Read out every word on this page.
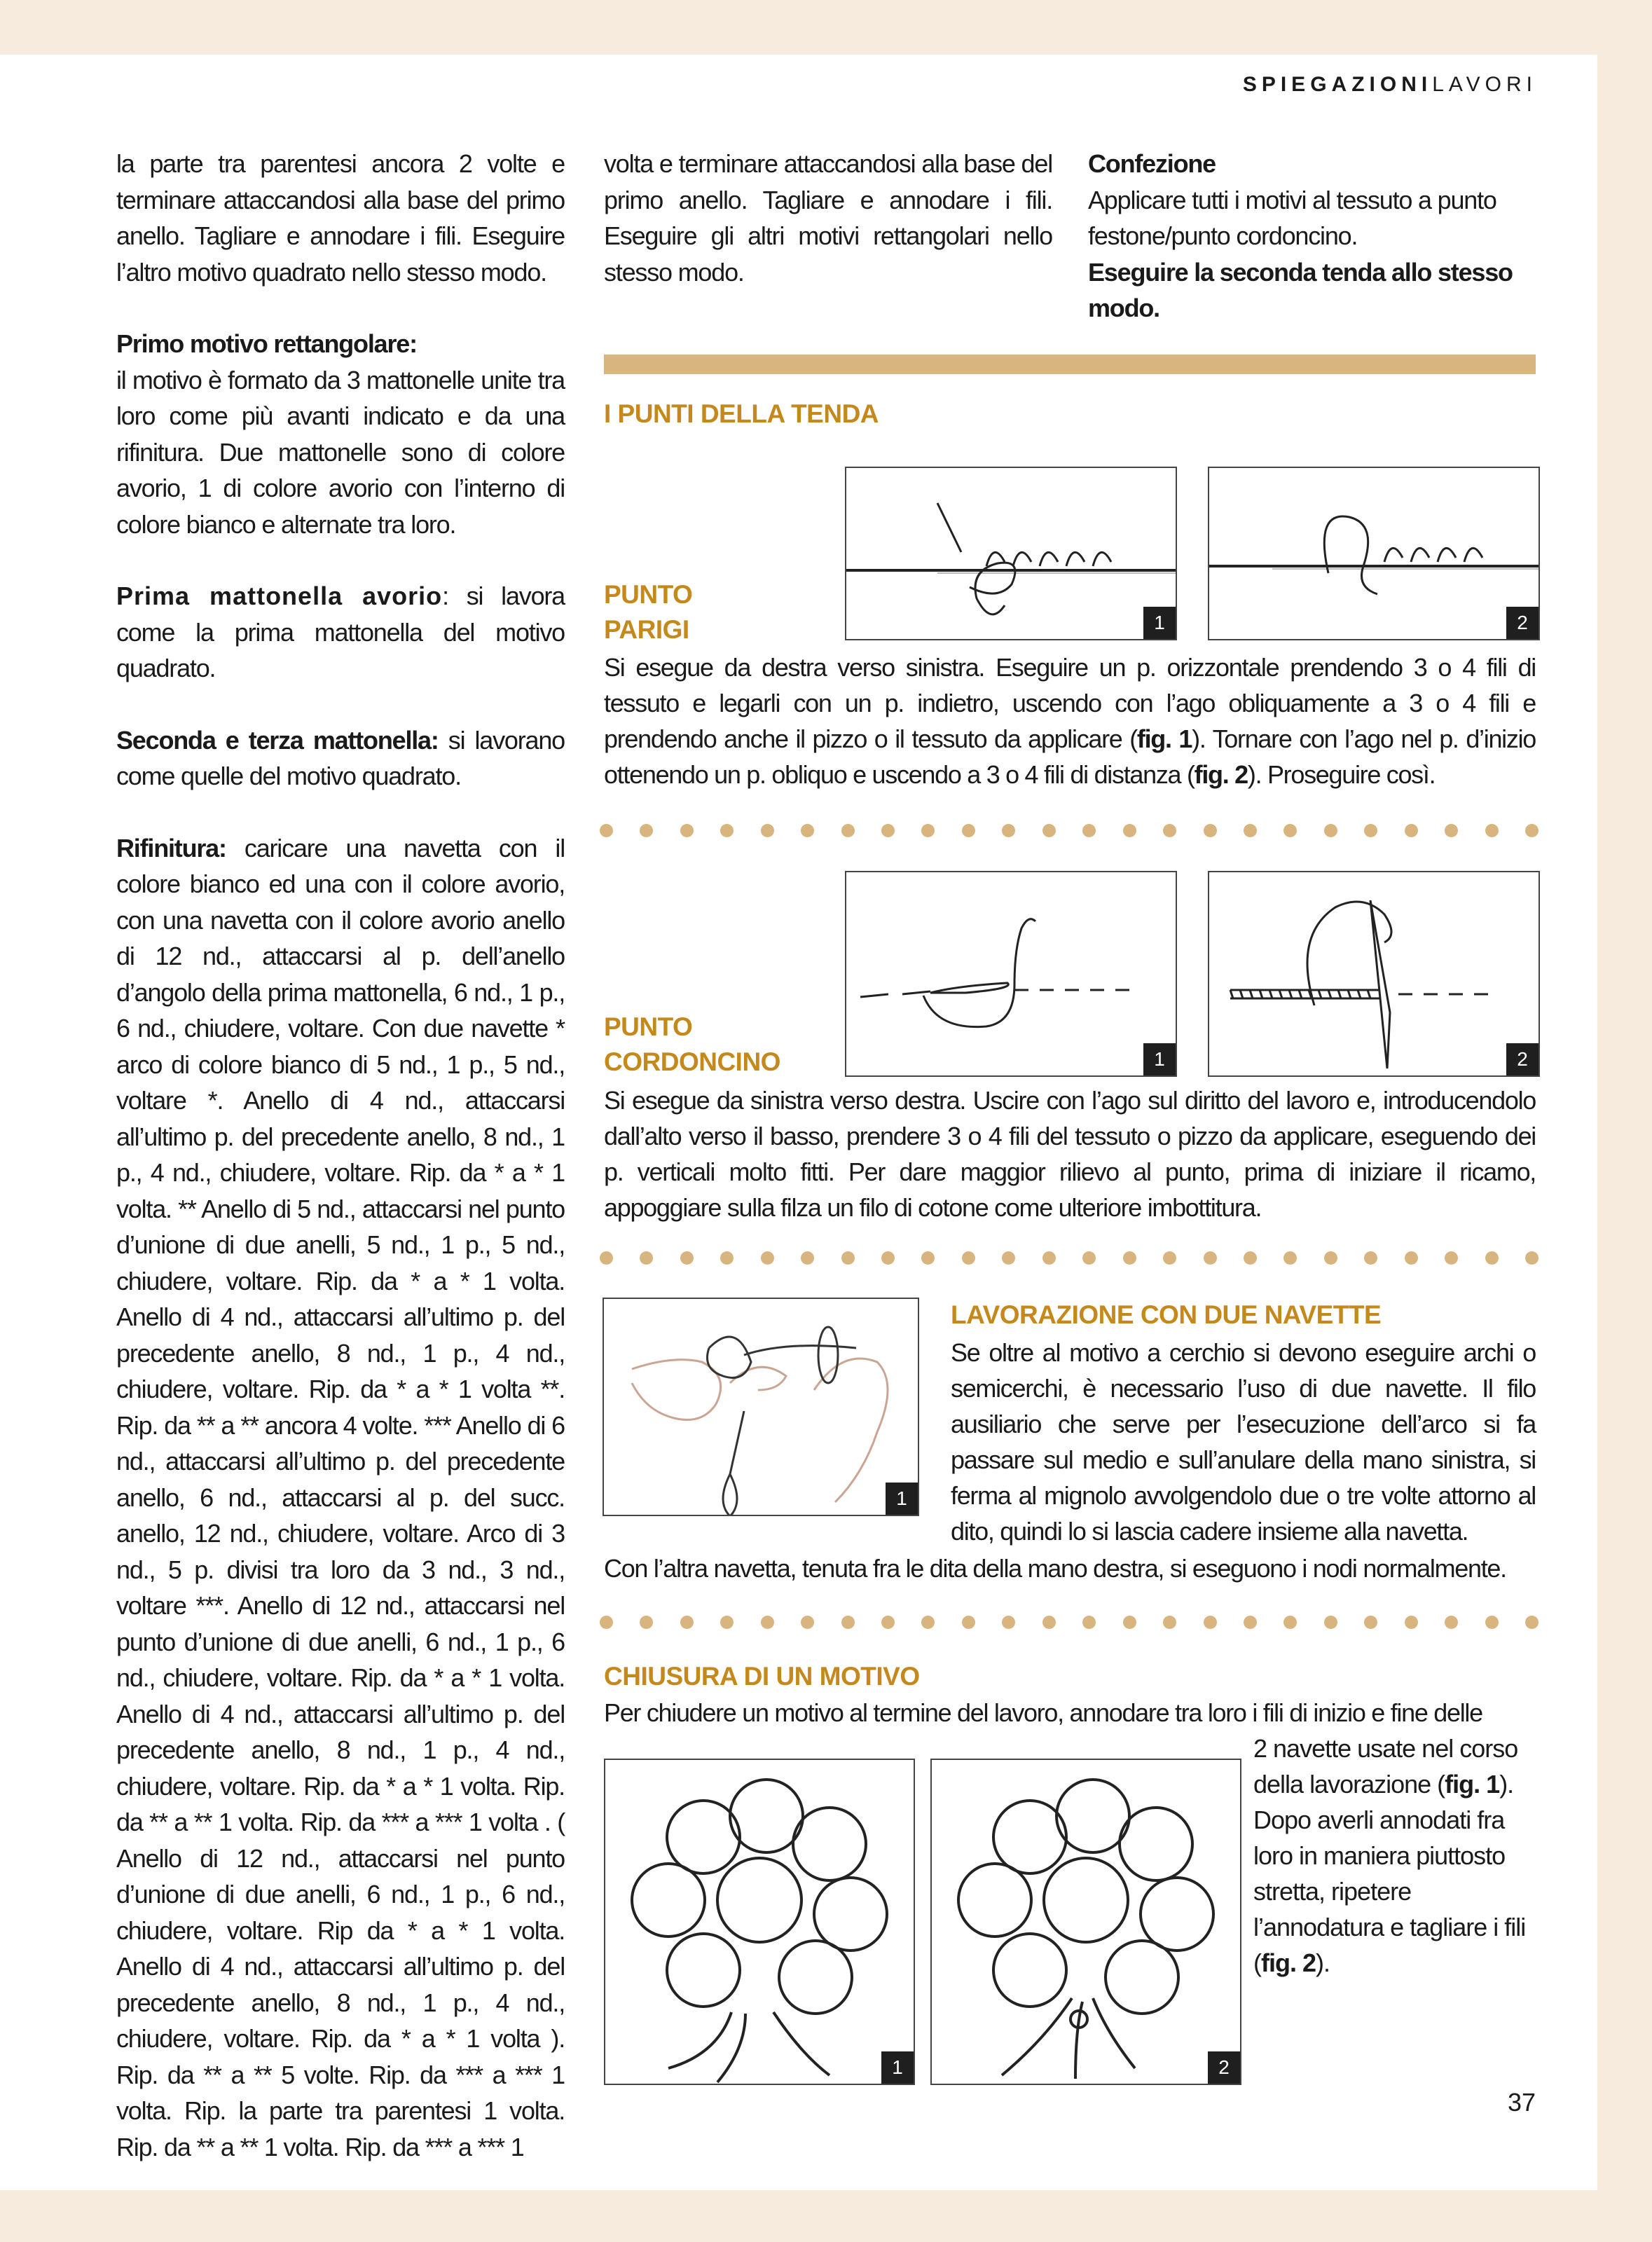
SPIEGAZIONILAVORI

la parte tra parentesi ancora 2 volte e terminare attaccandosi alla base del primo anello. Tagliare e annodare i fili. Eseguire l’altro motivo quadrato nello stesso modo.

Primo motivo rettangolare:
il motivo è formato da 3 mattonelle unite tra loro come più avanti indicato e da una rifinitura. Due mattonelle sono di colore avorio, 1 di colore avorio con l’interno di colore bianco e alternate tra loro.

Prima mattonella avorio: si lavora come la prima mattonella del motivo quadrato.

Seconda e terza mattonella: si lavorano come quelle del motivo quadrato.

Rifinitura: caricare una navetta con il colore bianco ed una con il colore avorio, con una navetta con il colore avorio anello di 12 nd., attaccarsi al p. dell’anello d’angolo della prima mattonella, 6 nd., 1 p., 6 nd., chiudere, voltare. Con due navette * arco di colore bianco di 5 nd., 1 p., 5 nd., voltare *. Anello di 4 nd., attaccarsi all’ultimo p. del precedente anello, 8 nd., 1 p., 4 nd., chiudere, voltare. Rip. da * a * 1 volta. ** Anello di 5 nd., attaccarsi nel punto d’unione di due anelli, 5 nd., 1 p., 5 nd., chiudere, voltare. Rip. da * a * 1 volta. Anello di 4 nd., attaccarsi all’ultimo p. del precedente anello, 8 nd., 1 p., 4 nd., chiudere, voltare. Rip. da * a * 1 volta **. Rip. da ** a ** ancora 4 volte. *** Anello di 6 nd., attaccarsi all’ultimo p. del precedente anello, 6 nd., attaccarsi al p. del succ. anello, 12 nd., chiudere, voltare. Arco di 3 nd., 5 p. divisi tra loro da 3 nd., 3 nd., voltare ***. Anello di 12 nd., attaccarsi nel punto d’unione di due anelli, 6 nd., 1 p., 6 nd., chiudere, voltare. Rip. da * a * 1 volta. Anello di 4 nd., attaccarsi all’ultimo p. del precedente anello, 8 nd., 1 p., 4 nd., chiudere, voltare. Rip. da * a * 1 volta. Rip. da ** a ** 1 volta. Rip. da *** a *** 1 volta . ( Anello di 12 nd., attaccarsi nel punto d’unione di due anelli, 6 nd., 1 p., 6 nd., chiudere, voltare. Rip da * a * 1 volta. Anello di 4 nd., attaccarsi all’ultimo p. del precedente anello, 8 nd., 1 p., 4 nd., chiudere, voltare. Rip. da * a * 1 volta ). Rip. da ** a ** 5 volte. Rip. da *** a *** 1 volta. Rip. la parte tra parentesi 1 volta. Rip. da ** a ** 1 volta. Rip. da *** a *** 1

volta e terminare attaccandosi alla base del primo anello. Tagliare e annodare i fili. Eseguire gli altri motivi rettangolari nello stesso modo.

Confezione
Applicare tutti i motivi al tessuto a punto festone/punto cordoncino.
Eseguire la seconda tenda allo stesso modo.

I PUNTI DELLA TENDA
PUNTO
PARIGI	1	2
Si esegue da destra verso sinistra. Eseguire un p. orizzontale prendendo 3 o 4 fili di tessuto e legarli con un p. indietro, uscendo con l’ago obliquamente a 3 o 4 fili e prendendo anche il pizzo o il tessuto da applicare (fig. 1). Tornare con l’ago nel p. d’inizio ottenendo un p. obliquo e uscendo a 3 o 4 fili di distanza (fig. 2). Proseguire così.
PUNTO
CORDONCINO	1	2
Si esegue da sinistra verso destra. Uscire con l’ago sul diritto del lavoro e, introducendolo dall’alto verso il basso, prendere 3 o 4 fili del tessuto o pizzo da applicare, eseguendo dei p. verticali molto fitti. Per dare maggior rilievo al punto, prima di iniziare il ricamo, appoggiare sulla filza un filo di cotone come ulteriore imbottitura.
1
LAVORAZIONE CON DUE NAVETTE
Se oltre al motivo a cerchio si devono eseguire archi o semicerchi, è necessario l’uso di due navette. Il filo ausiliario che serve per l’esecuzione dell’arco si fa passare sul medio e sull’anulare della mano sinistra, si ferma al mignolo avvolgendolo due o tre volte attorno al dito, quindi lo si lascia cadere insieme alla navetta.
Con l’altra navetta, tenuta fra le dita della mano destra, si eseguono i nodi normalmente.
CHIUSURA DI UN MOTIVO
Per chiudere un motivo al termine del lavoro, annodare tra loro i fili di inizio e fine delle
2 navette usate nel corso della lavorazione (fig. 1). Dopo averli annodati fra loro in maniera piuttosto stretta, ripetere l’annodatura e tagliare i fili (fig. 2).
1	2
37
